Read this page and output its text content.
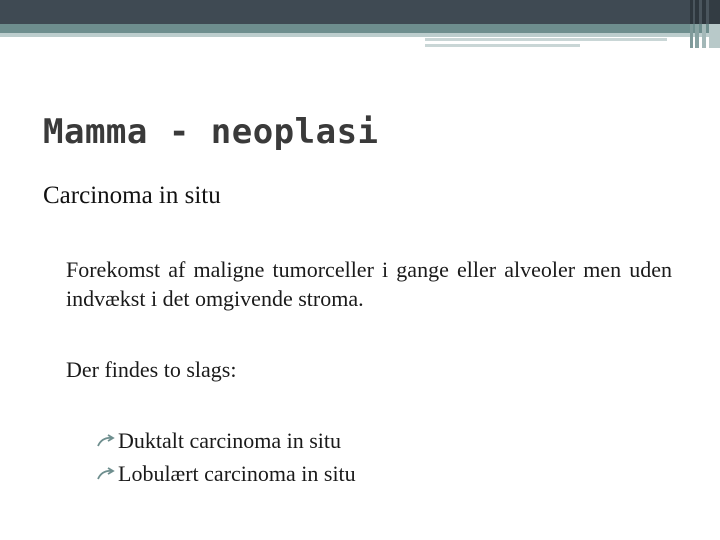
Mamma - neoplasi
Carcinoma in situ

Forekomst af maligne tumorceller i gange eller alveoler men uden indvækst i det omgivende stroma.

Der findes to slags:

Duktalt carcinoma in situ
Lobulært carcinoma in situ
